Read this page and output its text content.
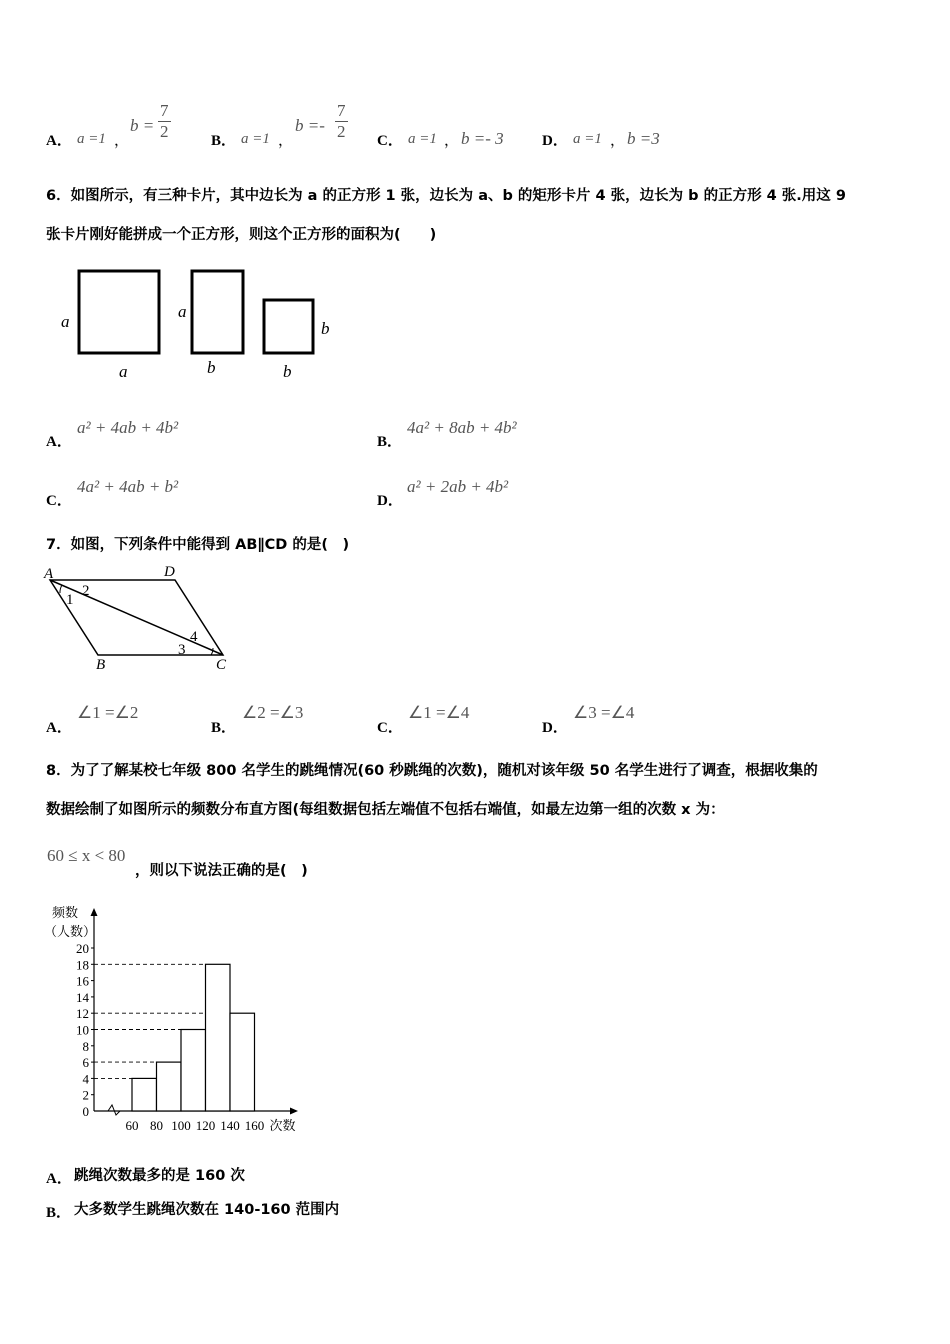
A． a =1 ，
$b = \frac{7}{2}$	B． a =1 ，
$b =- \frac{7}{2}$ C． a =1 ， b =- 3	D． a =1 ， b =3
6．如图所示，有三种卡片，其中边长为 a 的正方形 1 张，边长为 a、b 的矩形卡片 4 张，边长为 b 的正方形 4 张.用这 9
张卡片刚好能拼成一个正方形，则这个正方形的面积为(　　)
a
a
a
b
b
b
A．
a² + 4ab + 4b²
B．
4a² + 8ab + 4b²
C．
4a² + 4ab + b²
D．
a² + 2ab + 4b²
7．如图，下列条件中能得到 AB∥CD 的是(　)
A	D
B	C
1
2
3
4
A．
∠1 =∠2
B．
∠2 =∠3
C．
∠1 =∠4
D．
∠3 =∠4
8．为了了解某校七年级 800 名学生的跳绳情况(60 秒跳绳的次数)，随机对该年级 50 名学生进行了调查，根据收集的
数据绘制了如图所示的频数分布直方图(每组数据包括左端值不包括右端值，如最左边第一组的次数 x 为：
60 ≤ x < 80
，则以下说法正确的是(　)
频数
（人数）
0
2
4
6
8
10
12
14
16
18
20
60 80 100 120 140 160 次数
A． 跳绳次数最多的是 160 次
B． 大多数学生跳绳次数在 140-160 范围内
